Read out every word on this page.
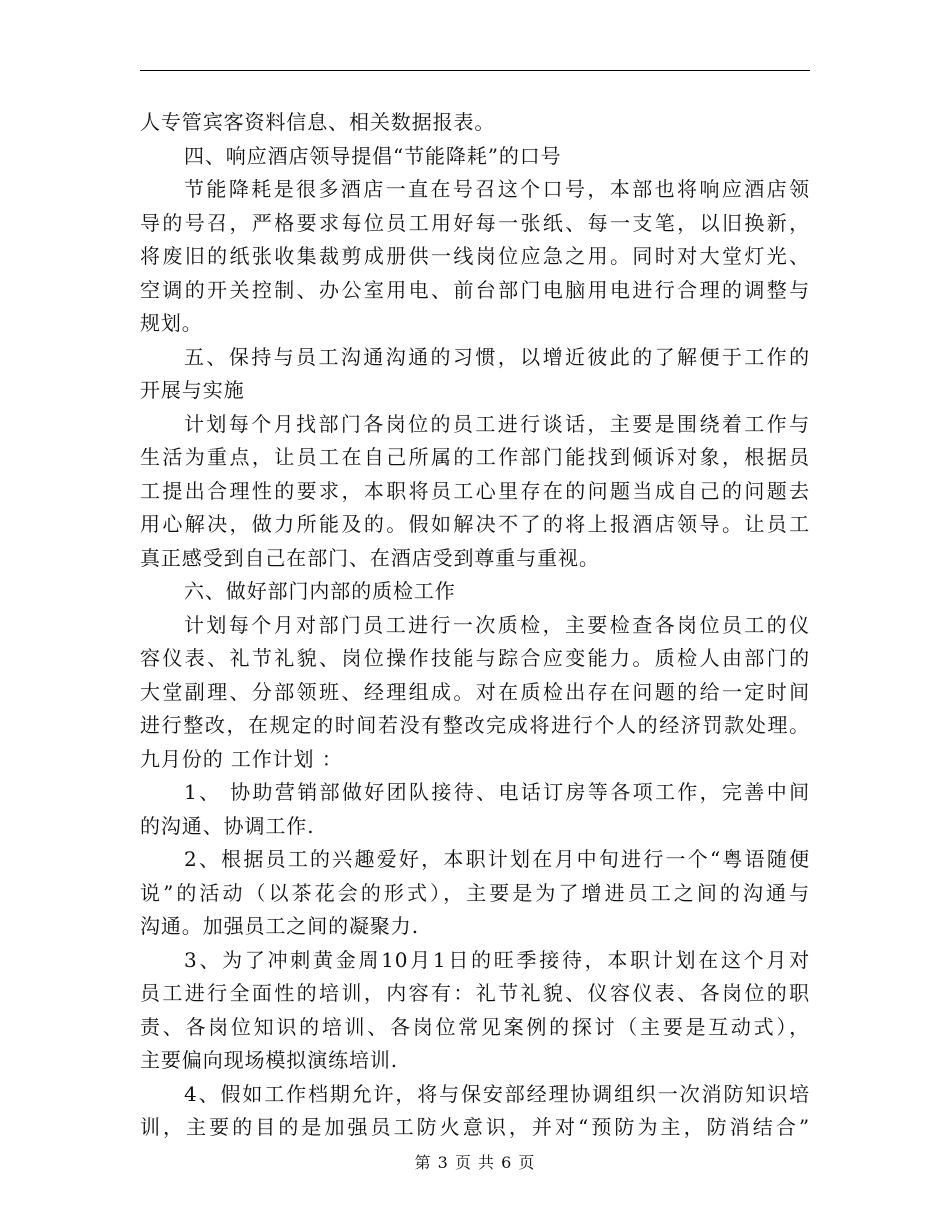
人专管宾客资料信息、相关数据报表。
四、响应酒店领导提倡“节能降耗”的口号
节能降耗是很多酒店一直在号召这个口号，本部也将响应酒店领
导的号召，严格要求每位员工用好每一张纸、每一支笔，以旧换新，
将废旧的纸张收集裁剪成册供一线岗位应急之用。同时对大堂灯光、
空调的开关控制、办公室用电、前台部门电脑用电进行合理的调整与
规划。
五、保持与员工沟通沟通的习惯，以增近彼此的了解便于工作的
开展与实施
计划每个月找部门各岗位的员工进行谈话，主要是围绕着工作与
生活为重点，让员工在自己所属的工作部门能找到倾诉对象，根据员
工提出合理性的要求，本职将员工心里存在的问题当成自己的问题去
用心解决，做力所能及的。假如解决不了的将上报酒店领导。让员工
真正感受到自己在部门、在酒店受到尊重与重视。
六、做好部门内部的质检工作
计划每个月对部门员工进行一次质检，主要检查各岗位员工的仪
容仪表、礼节礼貌、岗位操作技能与踪合应变能力。质检人由部门的
大堂副理、分部领班、经理组成。对在质检出存在问题的给一定时间
进行整改，在规定的时间若没有整改完成将进行个人的经济罚款处理。
九月份的 工作计划 ：
1、 协助营销部做好团队接待、电话订房等各项工作，完善中间
的沟通、协调工作.
2、根据员工的兴趣爱好，本职计划在月中旬进行一个“粤语随便
说”的活动（以茶花会的形式），主要是为了增进员工之间的沟通与
沟通。加强员工之间的凝聚力.
3、为了冲刺黄金周10月1日的旺季接待，本职计划在这个月对
员工进行全面性的培训，内容有：礼节礼貌、仪容仪表、各岗位的职
责、各岗位知识的培训、各岗位常见案例的探讨（主要是互动式），
主要偏向现场模拟演练培训.
4、假如工作档期允许，将与保安部经理协调组织一次消防知识培
训，主要的目的是加强员工防火意识，并对“预防为主，防消结合”
第 3 页 共 6 页
